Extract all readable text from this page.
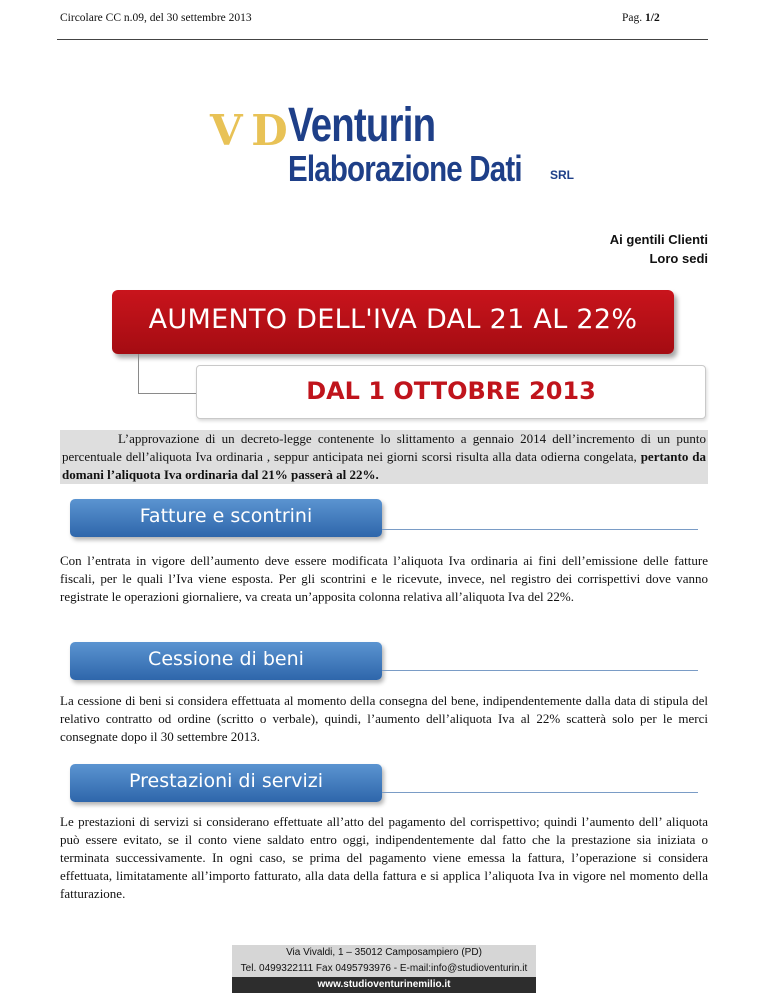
Circolare CC n.09, del 30 settembre 2013	Pag. 1/2
V D Venturin
Elaborazione Dati SRL
Ai gentili Clienti
Loro sedi
AUMENTO DELL'IVA DAL 21 AL 22%
DAL 1 OTTOBRE 2013
L’approvazione di un decreto-legge contenente lo slittamento a gennaio 2014 dell’incremento di un punto percentuale dell’aliquota Iva ordinaria , seppur anticipata nei giorni scorsi risulta alla data odierna congelata, pertanto da domani l’aliquota Iva ordinaria dal 21% passerà al 22%.
Fatture e scontrini
Con l’entrata in vigore dell’aumento deve essere modificata l’aliquota Iva ordinaria ai fini dell’emissione delle fatture fiscali, per le quali l’Iva viene esposta. Per gli scontrini e le ricevute, invece, nel registro dei corrispettivi dove vanno registrate le operazioni giornaliere, va creata un’apposita colonna relativa all’aliquota Iva del 22%.
Cessione di beni
La cessione di beni si considera effettuata al momento della consegna del bene, indipendentemente dalla data di stipula del relativo contratto od ordine (scritto o verbale), quindi, l’aumento dell’aliquota Iva al 22% scatterà solo per le merci consegnate dopo il 30 settembre 2013.
Prestazioni di servizi
Le prestazioni di servizi si considerano effettuate all’atto del pagamento del corrispettivo; quindi l’aumento dell’ aliquota può essere evitato, se il conto viene saldato entro oggi, indipendentemente dal fatto che la prestazione sia iniziata o terminata successivamente. In ogni caso, se prima del pagamento viene emessa la fattura, l’operazione si considera effettuata, limitatamente all’importo fatturato, alla data della fattura e si applica l’aliquota Iva in vigore nel momento della fatturazione.
Via Vivaldi, 1 – 35012 Camposampiero (PD)
Tel. 0499322111 Fax 0495793976 - E-mail:info@studioventurin.it
www.studioventurinemilio.it
